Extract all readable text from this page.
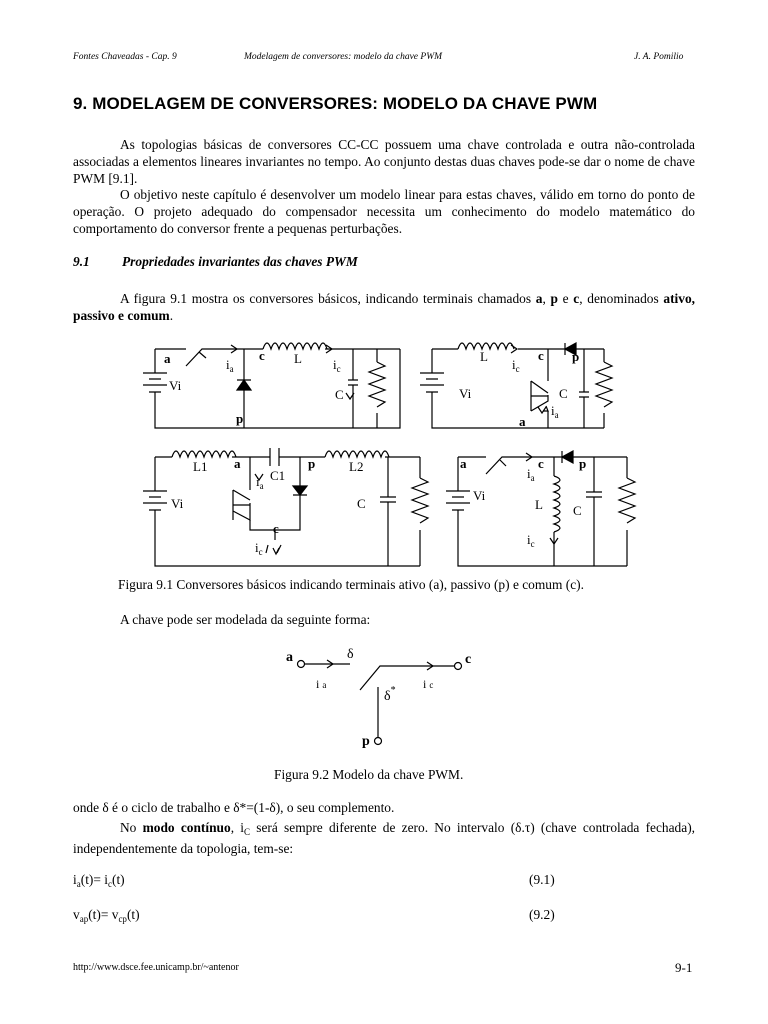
Fontes Chaveadas - Cap. 9	Modelagem de conversores: modelo da chave PWM	J. A. Pomilio
9. MODELAGEM DE CONVERSORES: MODELO DA CHAVE PWM
As topologias básicas de conversores CC-CC possuem uma chave controlada e outra não-controlada associadas a elementos lineares invariantes no tempo. Ao conjunto destas duas chaves pode-se dar o nome de chave PWM [9.1].
O objetivo neste capítulo é desenvolver um modelo linear para estas chaves, válido em torno do ponto de operação. O projeto adequado do compensador necessita um conhecimento do modelo matemático do comportamento do conversor frente a pequenas perturbações.
9.1 Propriedades invariantes das chaves PWM
A figura 9.1 mostra os conversores básicos, indicando terminais chamados a, p e c, denominados ativo, passivo e comum.
a	c L
$i_a$	$i_c$
Vi
C
p
L	c p
$i_c$
Vi	C
$i_a$
a
L1 a
C1
p	L2
$i_a$
Vi	C
c
$i_c$
a	c	p
$i_a$
Vi
L C
$i_c$
Figura 9.1 Conversores básicos indicando terminais ativo (a), passivo (p) e comum (c).
A chave pode ser modelada da seguinte forma:
a	δ	c
i a	i c
δ*
p
Figura 9.2 Modelo da chave PWM.
onde δ é o ciclo de trabalho e δ*=(1-δ), o seu complemento.
No modo contínuo, $i_C$ será sempre diferente de zero. No intervalo (δ.τ) (chave controlada fechada), independentemente da topologia, tem-se:
$i_a(t)= i_c(t)$	(9.1)
$v_{ap}(t)= v_{cp}(t)$	(9.2)
http://www.dsce.fee.unicamp.br/~antenor	9-1
